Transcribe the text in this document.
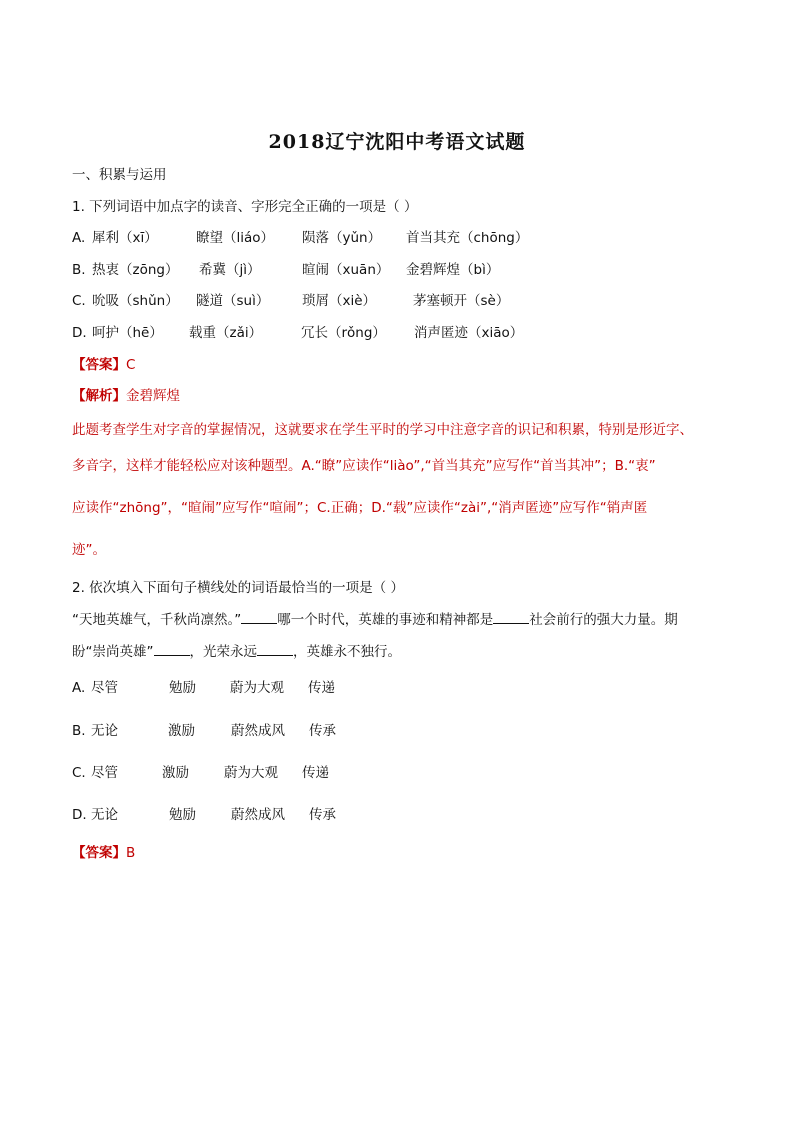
2018辽宁沈阳中考语文试题
一、积累与运用
1. 下列词语中加点字的读音、字形完全正确的一项是（ ）
A. 犀利（xī）	瞭望（liáo） 陨落（yǔn） 首当其充（chōng）
B. 热衷（zōng） 希冀（jì）	暄闹（xuān） 金碧辉煌（bì）
C. 吮吸（shǔn） 隧道（suì） 琐屑（xiè）	茅塞顿开（sè）
D. 呵护（hē） 载重（zǎi）	冗长（rǒng） 消声匿迹（xiāo）
【答案】C
【解析】金碧辉煌
此题考查学生对字音的掌握情况，这就要求在学生平时的学习中注意字音的识记和积累，特别是形近字、
多音字，这样才能轻松应对该种题型。A.“瞭”应读作“liào”,“首当其充”应写作“首当其冲”；B.“衷”
应读作“zhōng”，“暄闹”应写作“喧闹”；C.正确；D.“载”应读作“zài”,“消声匿迹”应写作“销声匿
迹”。
2. 依次填入下面句子横线处的词语最恰当的一项是（ ）
“天地英雄气，千秋尚凛然。”	哪一个时代，英雄的事迹和精神都是	社会前行的强大力量。期
盼“崇尚英雄”	，光荣永远	，英雄永不独行。
A. 尽管	勉励	蔚为大观 传递
B. 无论	激励	蔚然成风 传承
C. 尽管	激励	蔚为大观 传递
D. 无论	勉励	蔚然成风 传承
【答案】B
